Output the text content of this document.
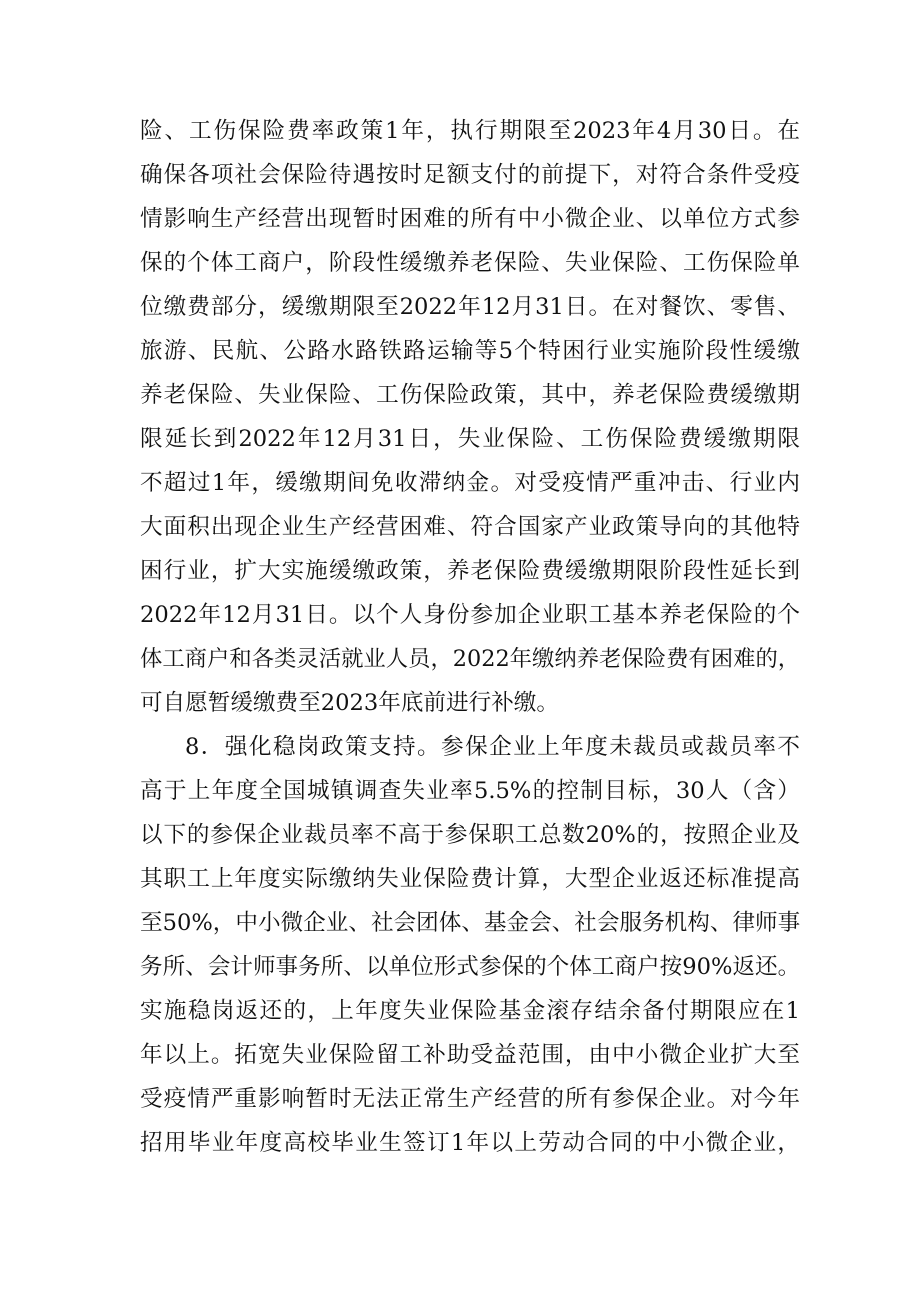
险、工伤保险费率政策1年，执行期限至2023年4月30日。在
确保各项社会保险待遇按时足额支付的前提下，对符合条件受疫
情影响生产经营出现暂时困难的所有中小微企业、以单位方式参
保的个体工商户，阶段性缓缴养老保险、失业保险、工伤保险单
位缴费部分，缓缴期限至2022年12月31日。在对餐饮、零售、
旅游、民航、公路水路铁路运输等5个特困行业实施阶段性缓缴
养老保险、失业保险、工伤保险政策，其中，养老保险费缓缴期
限延长到2022年12月31日，失业保险、工伤保险费缓缴期限
不超过1年，缓缴期间免收滞纳金。对受疫情严重冲击、行业内
大面积出现企业生产经营困难、符合国家产业政策导向的其他特
困行业，扩大实施缓缴政策，养老保险费缓缴期限阶段性延长到
2022年12月31日。以个人身份参加企业职工基本养老保险的个
体工商户和各类灵活就业人员，2022年缴纳养老保险费有困难的，
可自愿暂缓缴费至2023年底前进行补缴。
8．强化稳岗政策支持。参保企业上年度未裁员或裁员率不
高于上年度全国城镇调查失业率5.5%的控制目标，30人（含）
以下的参保企业裁员率不高于参保职工总数20%的，按照企业及
其职工上年度实际缴纳失业保险费计算，大型企业返还标准提高
至50%，中小微企业、社会团体、基金会、社会服务机构、律师事
务所、会计师事务所、以单位形式参保的个体工商户按90%返还。
实施稳岗返还的，上年度失业保险基金滚存结余备付期限应在1
年以上。拓宽失业保险留工补助受益范围，由中小微企业扩大至
受疫情严重影响暂时无法正常生产经营的所有参保企业。对今年
招用毕业年度高校毕业生签订1年以上劳动合同的中小微企业，
